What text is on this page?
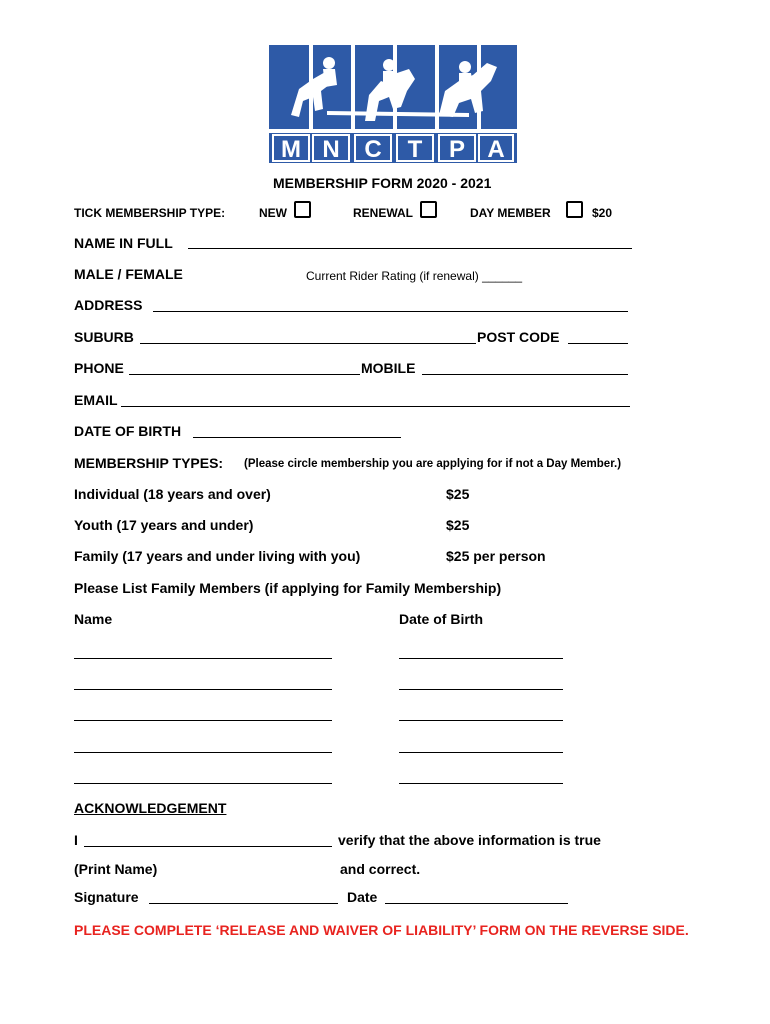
M N C T P A
MEMBERSHIP FORM 2020 - 2021
TICK MEMBERSHIP TYPE:	NEW	RENEWAL	DAY MEMBER	$20
NAME IN FULL
MALE / FEMALE	Current Rider Rating (if renewal) ______
ADDRESS
SUBURB	POST CODE
PHONE	MOBILE
EMAIL
DATE OF BIRTH
MEMBERSHIP TYPES: (Please circle membership you are applying for if not a Day Member.)
Individual (18 years and over)	$25
Youth (17 years and under)	$25
Family (17 years and under living with you)	$25 per person
Please List Family Members (if applying for Family Membership)
Name	Date of Birth
ACKNOWLEDGEMENT
I	verify that the above information is true
(Print Name)	and correct.
Signature	Date
PLEASE COMPLETE ‘RELEASE AND WAIVER OF LIABILITY’ FORM ON THE REVERSE SIDE.
